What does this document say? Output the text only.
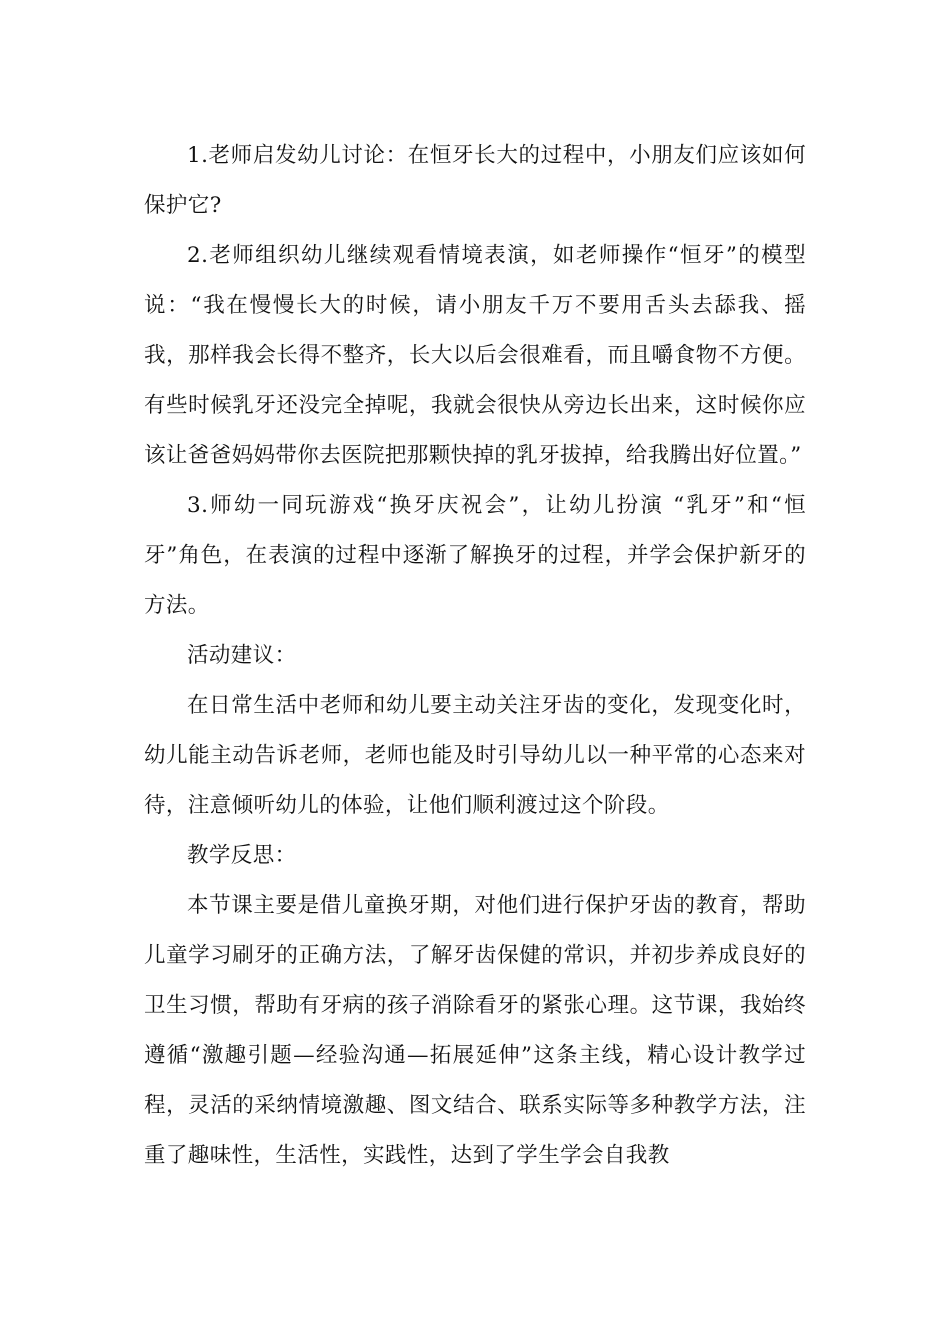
1.老师启发幼儿讨论：在恒牙长大的过程中，小朋友们应该如何保护它?

2.老师组织幼儿继续观看情境表演，如老师操作“恒牙”的模型说：“我在慢慢长大的时候，请小朋友千万不要用舌头去舔我、摇我，那样我会长得不整齐，长大以后会很难看，而且嚼食物不方便。有些时候乳牙还没完全掉呢，我就会很快从旁边长出来，这时候你应该让爸爸妈妈带你去医院把那颗快掉的乳牙拔掉，给我腾出好位置。”

3.师幼一同玩游戏“换牙庆祝会”，让幼儿扮演 “乳牙”和“恒牙”角色，在表演的过程中逐渐了解换牙的过程，并学会保护新牙的方法。

活动建议：

在日常生活中老师和幼儿要主动关注牙齿的变化，发现变化时，幼儿能主动告诉老师，老师也能及时引导幼儿以一种平常的心态来对待，注意倾听幼儿的体验，让他们顺利渡过这个阶段。

教学反思：

本节课主要是借儿童换牙期，对他们进行保护牙齿的教育，帮助儿童学习刷牙的正确方法，了解牙齿保健的常识，并初步养成良好的卫生习惯，帮助有牙病的孩子消除看牙的紧张心理。这节课，我始终遵循“激趣引题—经验沟通—拓展延伸”这条主线，精心设计教学过程，灵活的采纳情境激趣、图文结合、联系实际等多种教学方法，注重了趣味性，生活性，实践性，达到了学生学会自我教
